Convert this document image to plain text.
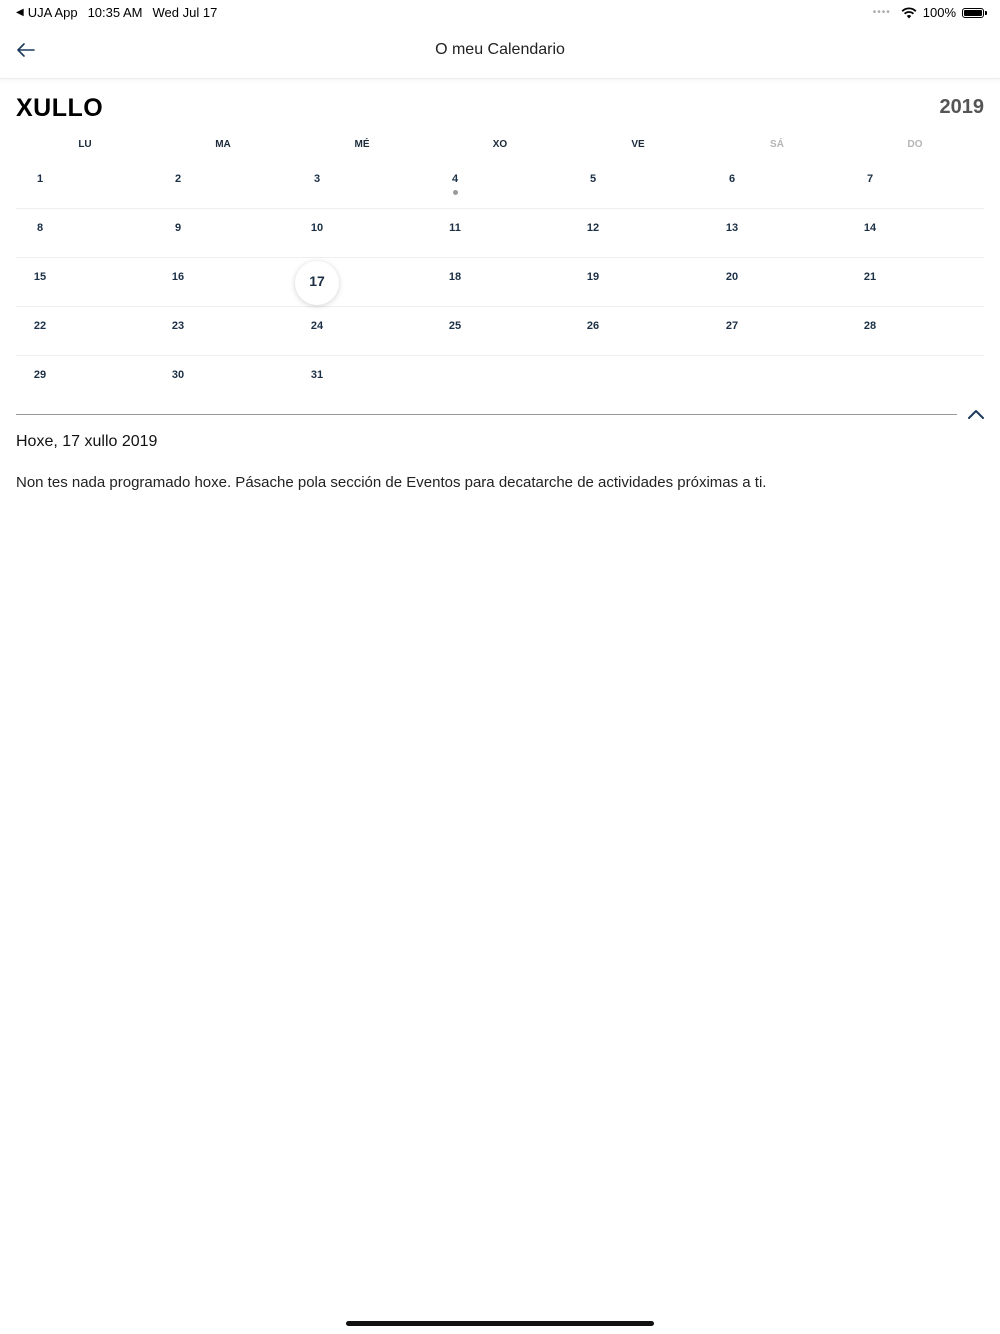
◀ UJA App 10:35 AM Wed Jul 17	•••• 100%
O meu Calendario
XULLO	2019
LU	MA	MÉ	XO	VE	SÁ	DO
1	2	3	4	5	6	7
8	9	10	11	12	13	14
15	16	17	18	19	20	21
22	23	24	25	26	27	28
29	30	31
Hoxe, 17 xullo 2019
Non tes nada programado hoxe. Pásache pola sección de Eventos para decatarche de actividades próximas a ti.
